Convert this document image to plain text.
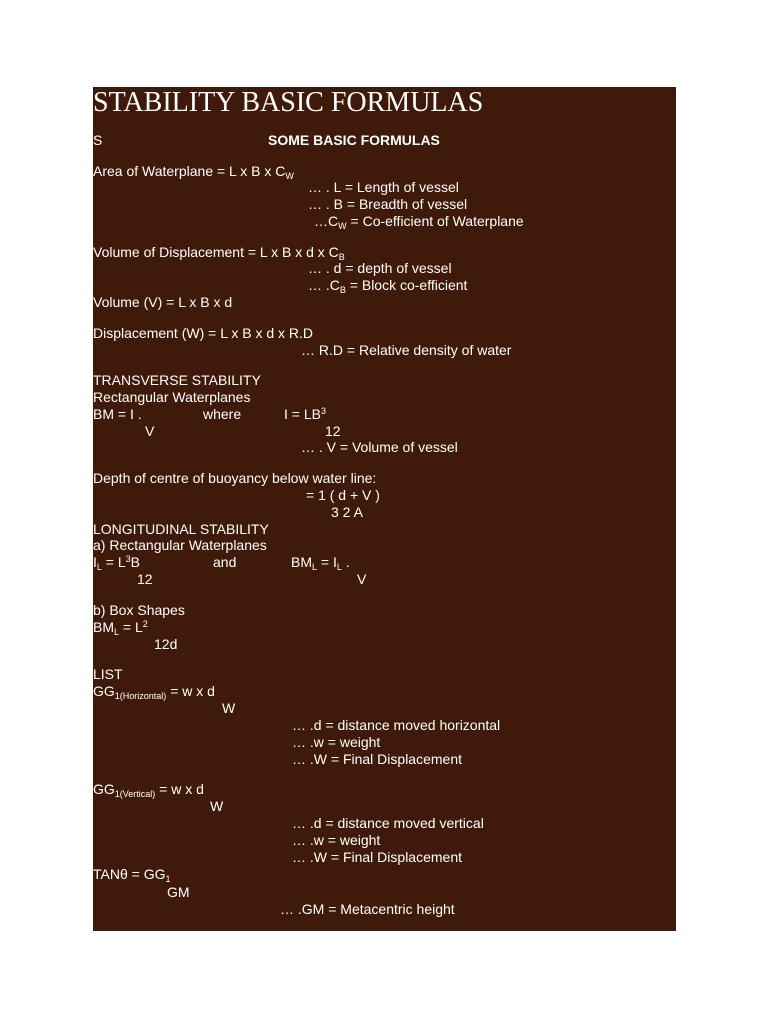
STABILITY BASIC FORMULAS
S	SOME BASIC FORMULAS
Area of Waterplane = L x B x $C_W$
… . L = Length of vessel
… . B = Breadth of vessel
$\dots C_W$ = Co-efficient of Waterplane
Volume of Displacement = L x B x d x $C_B$
… . d = depth of vessel
… $.C_B$ = Block co-efficient
Volume (V) = L x B x d
Displacement (W) = L x B x d x R.D
… R.D = Relative density of water
TRANSVERSE STABILITY
Rectangular Waterplanes
BM = I .	where	$I = LB^3$
V	12
… . V = Volume of vessel
Depth of centre of buoyancy below water line:
= 1 ( d + V )
3 2 A
LONGITUDINAL STABILITY
a) Rectangular Waterplanes
$I_L = L^3B$	and	$BM_L = I_L$ .
12	V
b) Box Shapes
$BM_L = L^2$
12d
LIST
$GG_{1(Horizontal)} = w$ x d
W
… .d = distance moved horizontal
… .w = weight
… .W = Final Displacement
$GG_{1(Vertical)} = w$ x d
W
… .d = distance moved vertical
… .w = weight
… .W = Final Displacement
$TAN\theta = GG_1$
GM
… .GM = Metacentric height
